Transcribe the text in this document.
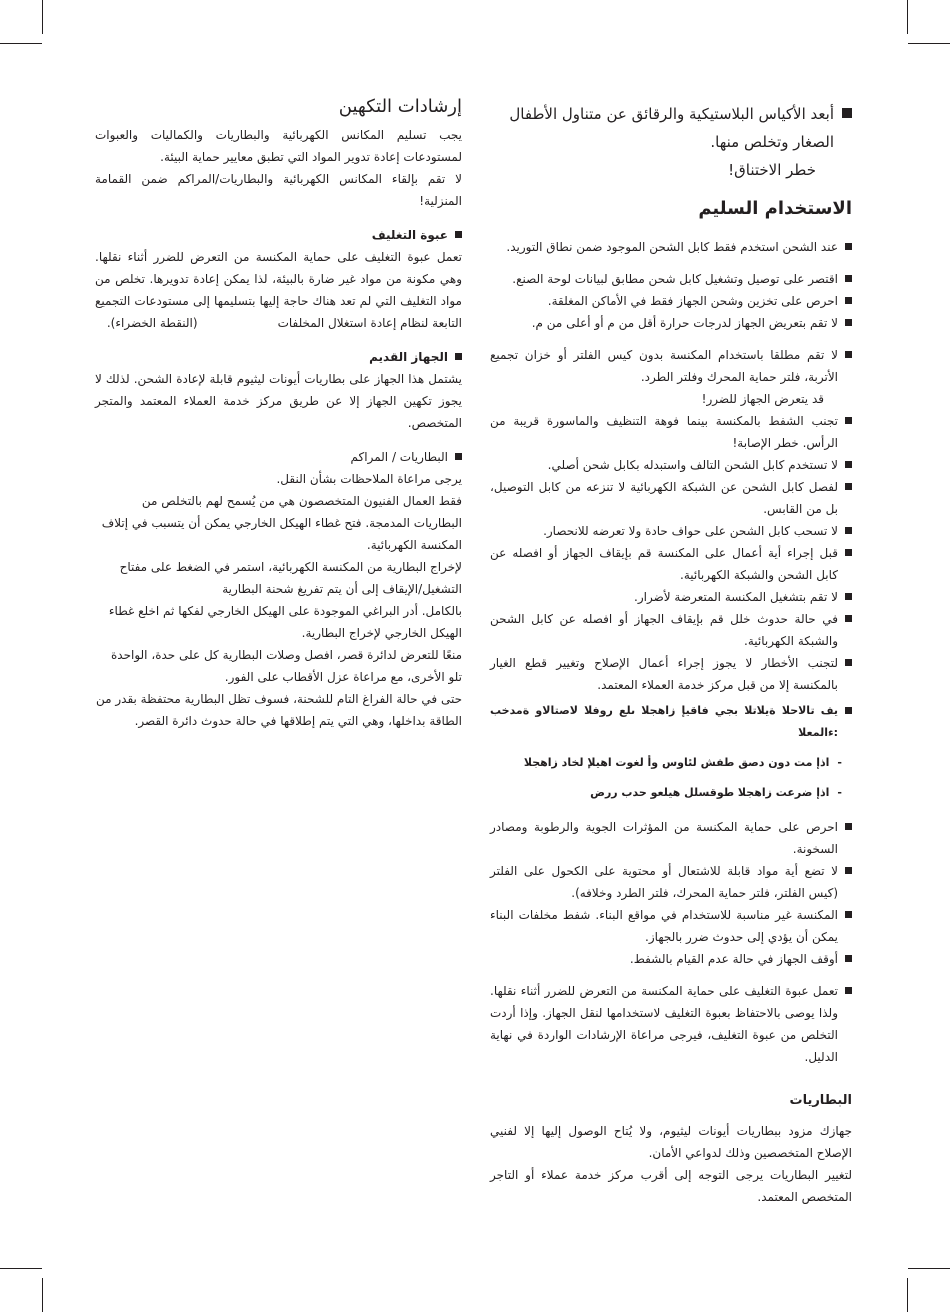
أبعد الأكياس البلاستيكية والرقائق عن متناول الأطفال الصغار وتخلص منها.
خطر الاختناق!
الاستخدام السليم
عند الشحن استخدم فقط كابل الشحن الموجود ضمن نطاق التوريد.
اقتصر على توصيل وتشغيل كابل شحن مطابق لبيانات لوحة الصنع.
احرص على تخزين وشحن الجهاز فقط في الأماكن المغلقة.
لا تقم بتعريض الجهاز لدرجات حرارة أقل من م أو أعلى من م.
لا تقم مطلقا باستخدام المكنسة بدون كيس الفلتر أو خزان تجميع الأتربة، فلتر حماية المحرك وفلتر الطرد.
قد يتعرض الجهاز للضرر!
تجنب الشفط بالمكنسة بينما فوهة التنظيف والماسورة قريبة من الرأس. خطر الإصابة!
لا تستخدم كابل الشحن التالف واستبدله بكابل شحن أصلي.
لفصل كابل الشحن عن الشبكة الكهربائية لا تنزعه من كابل التوصيل، بل من القابس.
لا تسحب كابل الشحن على حواف حادة ولا تعرضه للانحصار.
قبل إجراء أية أعمال على المكنسة قم بإيقاف الجهاز أو افصله عن كابل الشحن والشبكة الكهربائية.
لا تقم بتشغيل المكنسة المتعرضة لأضرار.
في حالة حدوث خلل قم بإيقاف الجهاز أو افصله عن كابل الشحن والشبكة الكهربائية.
لتجنب الأخطار لا يجوز إجراء أعمال الإصلاح وتغيير قطع الغيار بالمكنسة إلا من قبل مركز خدمة العملاء المعتمد.
يف تالاحلا ةيلاتلا بجي فاقيإ زاهجلا ىلع روفلا لاصتالاو ةمدخب :ءالمعلا
-
اذإ مت دون دصق طفش لئاوس وأ لغوت اهيلإ لخاد زاهجلا
-
اذإ ضرعت زاهجلا طوقسلل هيلعو حدب ررض
احرص على حماية المكنسة من المؤثرات الجوية والرطوبة ومصادر السخونة.
لا تضع أية مواد قابلة للاشتعال أو محتوية على الكحول على الفلتر (كيس الفلتر، فلتر حماية المحرك، فلتر الطرد وخلافه).
المكنسة غير مناسبة للاستخدام في مواقع البناء. شفط مخلفات البناء يمكن أن يؤدي إلى حدوث ضرر بالجهاز.
أوقف الجهاز في حالة عدم القيام بالشفط.
تعمل عبوة التغليف على حماية المكنسة من التعرض للضرر أثناء نقلها. ولذا يوصى بالاحتفاظ بعبوة التغليف لاستخدامها لنقل الجهاز. وإذا أردت التخلص من عبوة التغليف، فيرجى مراعاة الإرشادات الواردة في نهاية الدليل.
البطاريات
جهازك مزود ببطاريات أيونات ليثيوم، ولا يُتاح الوصول إليها إلا لفنيي الإصلاح المتخصصين وذلك لدواعي الأمان.
لتغيير البطاريات يرجى التوجه إلى أقرب مركز خدمة عملاء أو التاجر المتخصص المعتمد.
إرشادات التكهين
يجب تسليم المكانس الكهربائية والبطاريات والكماليات والعبوات لمستودعات إعادة تدوير المواد التي تطبق معايير حماية البيئة.
لا تقم بإلقاء المكانس الكهربائية والبطاريات/المراكم ضمن القمامة المنزلية!
عبوة التغليف
تعمل عبوة التغليف على حماية المكنسة من التعرض للضرر أثناء نقلها. وهي مكونة من مواد غير ضارة بالبيئة، لذا يمكن إعادة تدويرها. تخلص من مواد التغليف التي لم تعد هناك حاجة إليها بتسليمها إلى مستودعات التجميع التابعة لنظام إعادة استغلال المخلفات(النقطة الخضراء).
الجهاز القديم
يشتمل هذا الجهاز على بطاريات أيونات ليثيوم قابلة لإعادة الشحن. لذلك لا يجوز تكهين الجهاز إلا عن طريق مركز خدمة العملاء المعتمد والمتجر المتخصص.
البطاريات / المراكم
يرجى مراعاة الملاحظات بشأن النقل.
فقط العمال الفنيون المتخصصون هي من يُسمح لهم بالتخلص من البطاريات المدمجة. فتح غطاء الهيكل الخارجي يمكن أن يتسبب في إتلاف المكنسة الكهربائية.
لإخراج البطارية من المكنسة الكهربائية، استمر في الضغط على مفتاح التشغيل/الإيقاف إلى أن يتم تفريغ شحنة البطارية
بالكامل. أدر البراغي الموجودة على الهيكل الخارجي لفكها ثم اخلع غطاء الهيكل الخارجي لإخراج البطارية.
منعًا للتعرض لدائرة قصر، افصل وصلات البطارية كل على حدة، الواحدة تلو الأخرى، مع مراعاة عزل الأقطاب على الفور.
حتى في حالة الفراغ التام للشحنة، فسوف تظل البطارية محتفظة بقدر من الطاقة بداخلها، وهي التي يتم إطلاقها في حالة حدوث دائرة القصر.
